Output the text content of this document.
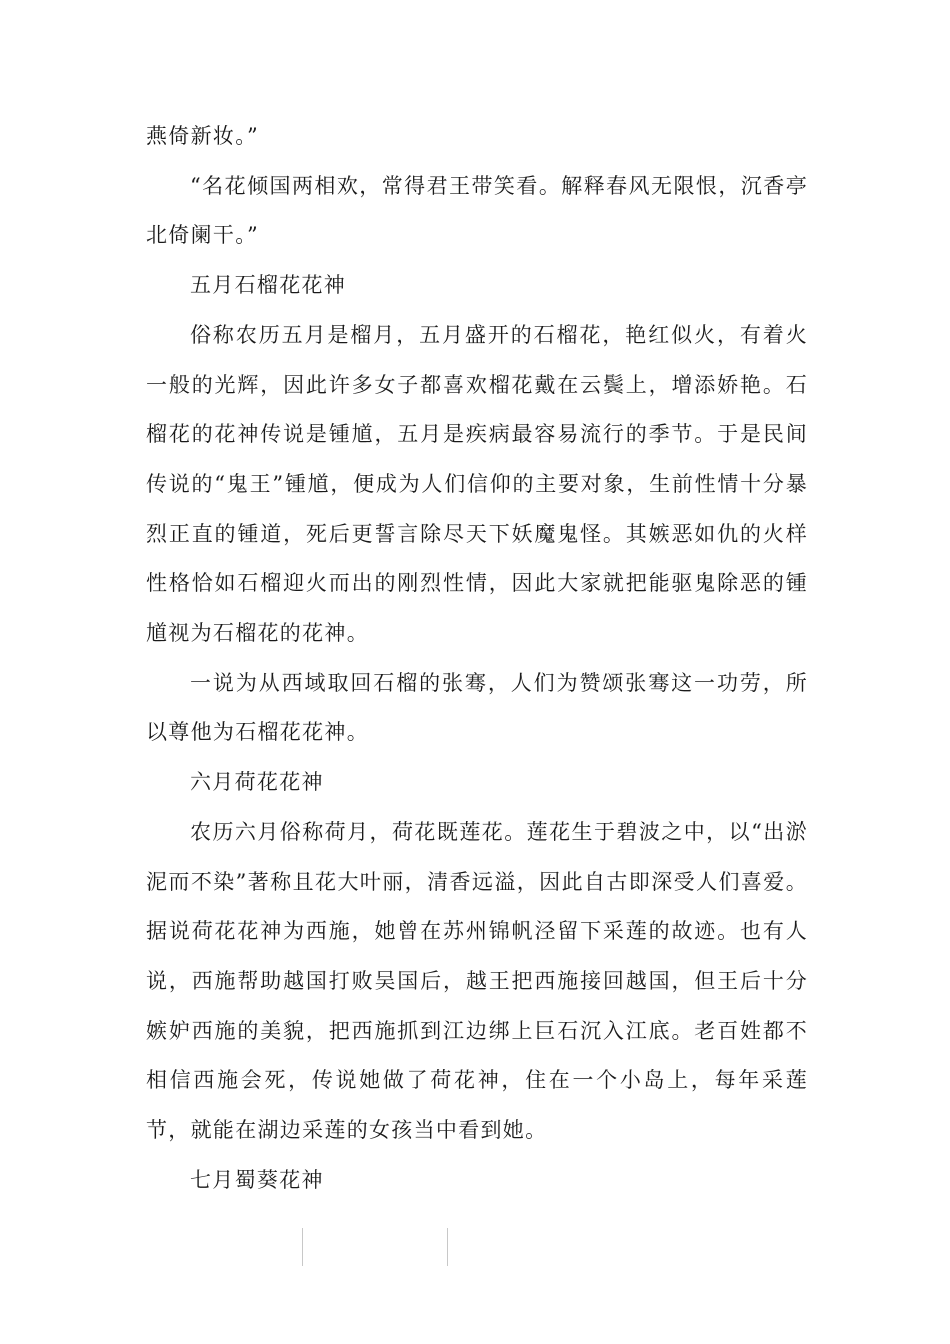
燕倚新妆。”

“名花倾国两相欢，常得君王带笑看。解释春风无限恨，沉香亭北倚阑干。”

五月石榴花花神

俗称农历五月是榴月，五月盛开的石榴花，艳红似火，有着火一般的光辉，因此许多女子都喜欢榴花戴在云鬓上，增添娇艳。石榴花的花神传说是锺馗，五月是疾病最容易流行的季节。于是民间传说的“鬼王”锺馗，便成为人们信仰的主要对象，生前性情十分暴烈正直的锺道，死后更誓言除尽天下妖魔鬼怪。其嫉恶如仇的火样性格恰如石榴迎火而出的刚烈性情，因此大家就把能驱鬼除恶的锺馗视为石榴花的花神。

一说为从西域取回石榴的张骞，人们为赞颂张骞这一功劳，所以尊他为石榴花花神。

六月荷花花神

农历六月俗称荷月，荷花既莲花。莲花生于碧波之中，以“出淤泥而不染”著称且花大叶丽，清香远溢，因此自古即深受人们喜爱。据说荷花花神为西施，她曾在苏州锦帆泾留下采莲的故迹。也有人说，西施帮助越国打败吴国后，越王把西施接回越国，但王后十分嫉妒西施的美貌，把西施抓到江边绑上巨石沉入江底。老百姓都不相信西施会死，传说她做了荷花神，住在一个小岛上，每年采莲节，就能在湖边采莲的女孩当中看到她。

七月蜀葵花神
